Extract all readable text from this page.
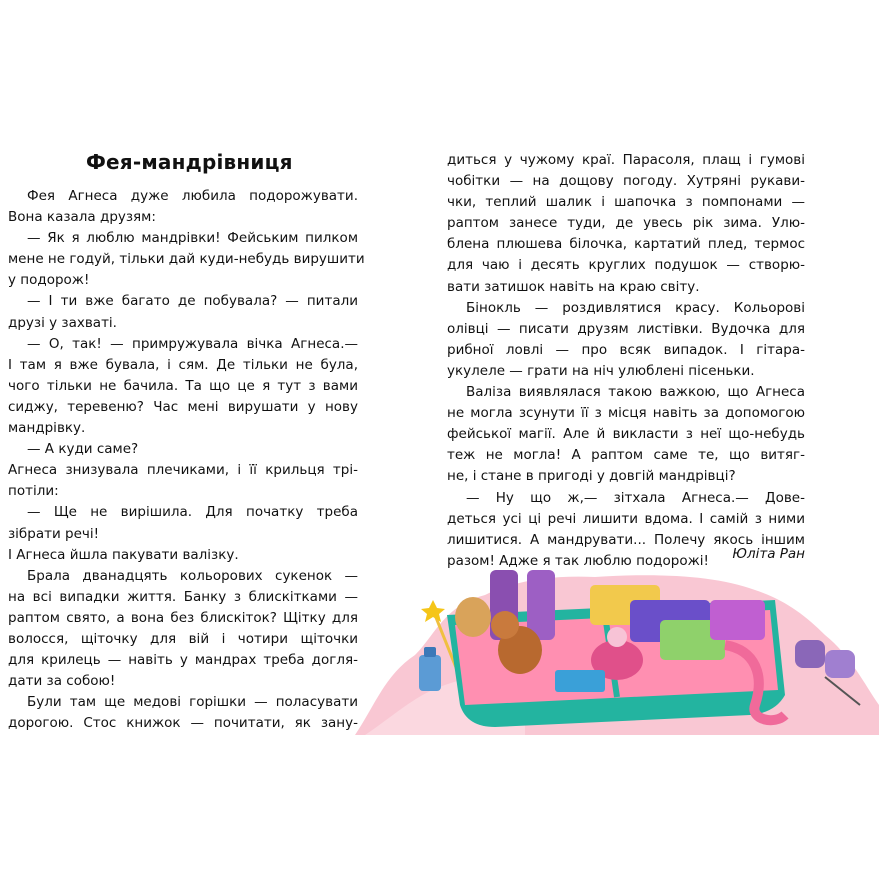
Фея-мандрівниця
Фея Агнеса дуже любила подорожувати.
Вона казала друзям:
— Як я люблю мандрівки! Фейським пилком
мене не годуй, тільки дай куди-небудь вирушити
у подорож!
— І ти вже багато де побувала? — питали
друзі у захваті.
— О, так! — примружувала вічка Агнеса.—
І там я вже бувала, і сям. Де тільки не була,
чого тільки не бачила. Та що це я тут з вами
сиджу, теревеню? Час мені вирушати у нову
мандрівку.
— А куди саме?
Агнеса знизувала плечиками, і її крильця трі-
потіли:
— Ще не вирішила. Для початку треба
зібрати речі!
І Агнеса йшла пакувати валізку.
Брала дванадцять кольорових сукенок —
на всі випадки життя. Банку з блискітками —
раптом свято, а вона без блискіток? Щітку для
волосся, щіточку для вій і чотири щіточки
для крилець — навіть у мандрах треба догля-
дати за собою!
Були там ще медові горішки — поласувати
дорогою. Стос книжок — почитати, як зану-
диться у чужому краї. Парасоля, плащ і гумові
чобітки — на дощову погоду. Хутряні рукави-
чки, теплий шалик і шапочка з помпонами —
раптом занесе туди, де увесь рік зима. Улю-
блена плюшева білочка, картатий плед, термос
для чаю і десять круглих подушок — створю-
вати затишок навіть на краю світу.
Бінокль — роздивлятися красу. Кольорові
олівці — писати друзям листівки. Вудочка для
рибної ловлі — про всяк випадок. І гітара-
укулеле — грати на ніч улюблені пісеньки.
Валіза виявлялася такою важкою, що Агнеса
не могла зсунути її з місця навіть за допомогою
фейської магії. Але й викласти з неї що-небудь
теж не могла! А раптом саме те, що витяг-
не, і стане в пригоді у довгій мандрівці?
— Ну що ж,— зітхала Агнеса.— Дове-
деться усі ці речі лишити вдома. І самій з ними
лишитися. А мандрувати... Полечу якось іншим
разом! Адже я так люблю подорожі!	Юліта Ран
